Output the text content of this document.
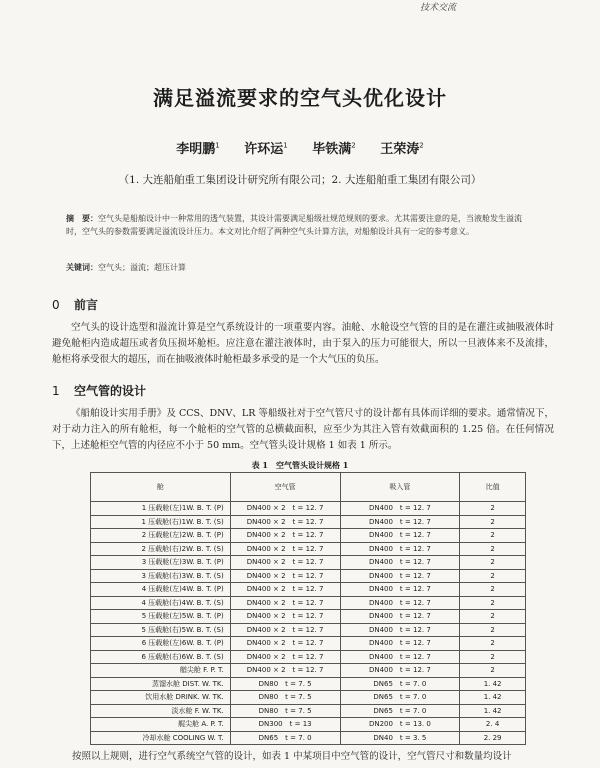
技术交流
满足溢流要求的空气头优化设计
李明鹏$^1$ 许环运$^1$ 毕铁满$^2$ 王荣涛$^2$
（1. 大连船舶重工集团设计研究所有限公司；2. 大连船舶重工集团有限公司）
摘　要：空气头是船舶设计中一种常用的透气装置，其设计需要满足船级社规范规则的要求。尤其需要注意的是，当液舱发生溢流时，空气头的参数需要满足溢流设计压力。本文对比介绍了两种空气头计算方法，对船舶设计具有一定的参考意义。
关键词：空气头；溢流；超压计算
0 前言
空气头的设计选型和溢流计算是空气系统设计的一项重要内容。油舱、水舱设空气管的目的是在灌注或抽吸液体时避免舱柜内造成超压或者负压损坏舱柜。应注意在灌注液体时，由于泵入的压力可能很大，所以一旦液体来不及流排，舱柜将承受很大的超压，而在抽吸液体时舱柜最多承受的是一个大气压的负压。
1 空气管的设计
《船舶设计实用手册》及 CCS、DNV、LR 等船级社对于空气管尺寸的设计都有具体而详细的要求。通常情况下，对于动力注入的所有舱柜，每一个舱柜的空气管的总横截面积，应至少为其注入管有效截面积的 1.25 倍。在任何情况下，上述舱柜空气管的内径应不小于 50 mm。空气管头设计规格 1 如表 1 所示。
表 1　空气管头设计规格 1
舱	空气管	吸入管	比值
1 压载舱(左)1W. B. T. (P)	DN400 × 2　t = 12. 7	DN400　t = 12. 7	2
1 压载舱(右)1W. B. T. (S)	DN400 × 2　t = 12. 7	DN400　t = 12. 7	2
2 压载舱(左)2W. B. T. (P)	DN400 × 2　t = 12. 7	DN400　t = 12. 7	2
2 压载舱(右)2W. B. T. (S)	DN400 × 2　t = 12. 7	DN400　t = 12. 7	2
3 压载舱(左)3W. B. T. (P)	DN400 × 2　t = 12. 7	DN400　t = 12. 7	2
3 压载舱(右)3W. B. T. (S)	DN400 × 2　t = 12. 7	DN400　t = 12. 7	2
4 压载舱(左)4W. B. T. (P)	DN400 × 2　t = 12. 7	DN400　t = 12. 7	2
4 压载舱(右)4W. B. T. (S)	DN400 × 2　t = 12. 7	DN400　t = 12. 7	2
5 压载舱(左)5W. B. T. (P)	DN400 × 2　t = 12. 7	DN400　t = 12. 7	2
5 压载舱(右)5W. B. T. (S)	DN400 × 2　t = 12. 7	DN400　t = 12. 7	2
6 压载舱(左)6W. B. T. (P)	DN400 × 2　t = 12. 7	DN400　t = 12. 7	2
6 压载舱(右)6W. B. T. (S)	DN400 × 2　t = 12. 7	DN400　t = 12. 7	2
艏尖舱 F. P. T.	DN400 × 2　t = 12. 7	DN400　t = 12. 7	2
蒸馏水舱 DIST. W. TK.	DN80　t = 7. 5	DN65　t = 7. 0	1. 42
饮用水舱 DRINK. W. TK.	DN80　t = 7. 5	DN65　t = 7. 0	1. 42
淡水舱 F. W. TK.	DN80　t = 7. 5	DN65　t = 7. 0	1. 42
艉尖舱 A. P. T.	DN300　t = 13	DN200　t = 13. 0	2. 4
冷却水舱 COOLING W. T.	DN65　t = 7. 0	DN40　t = 3. 5	2. 29
按照以上规则，进行空气系统空气管的设计，如表 1 中某项目中空气管的设计，空气管尺寸和数量均设计
